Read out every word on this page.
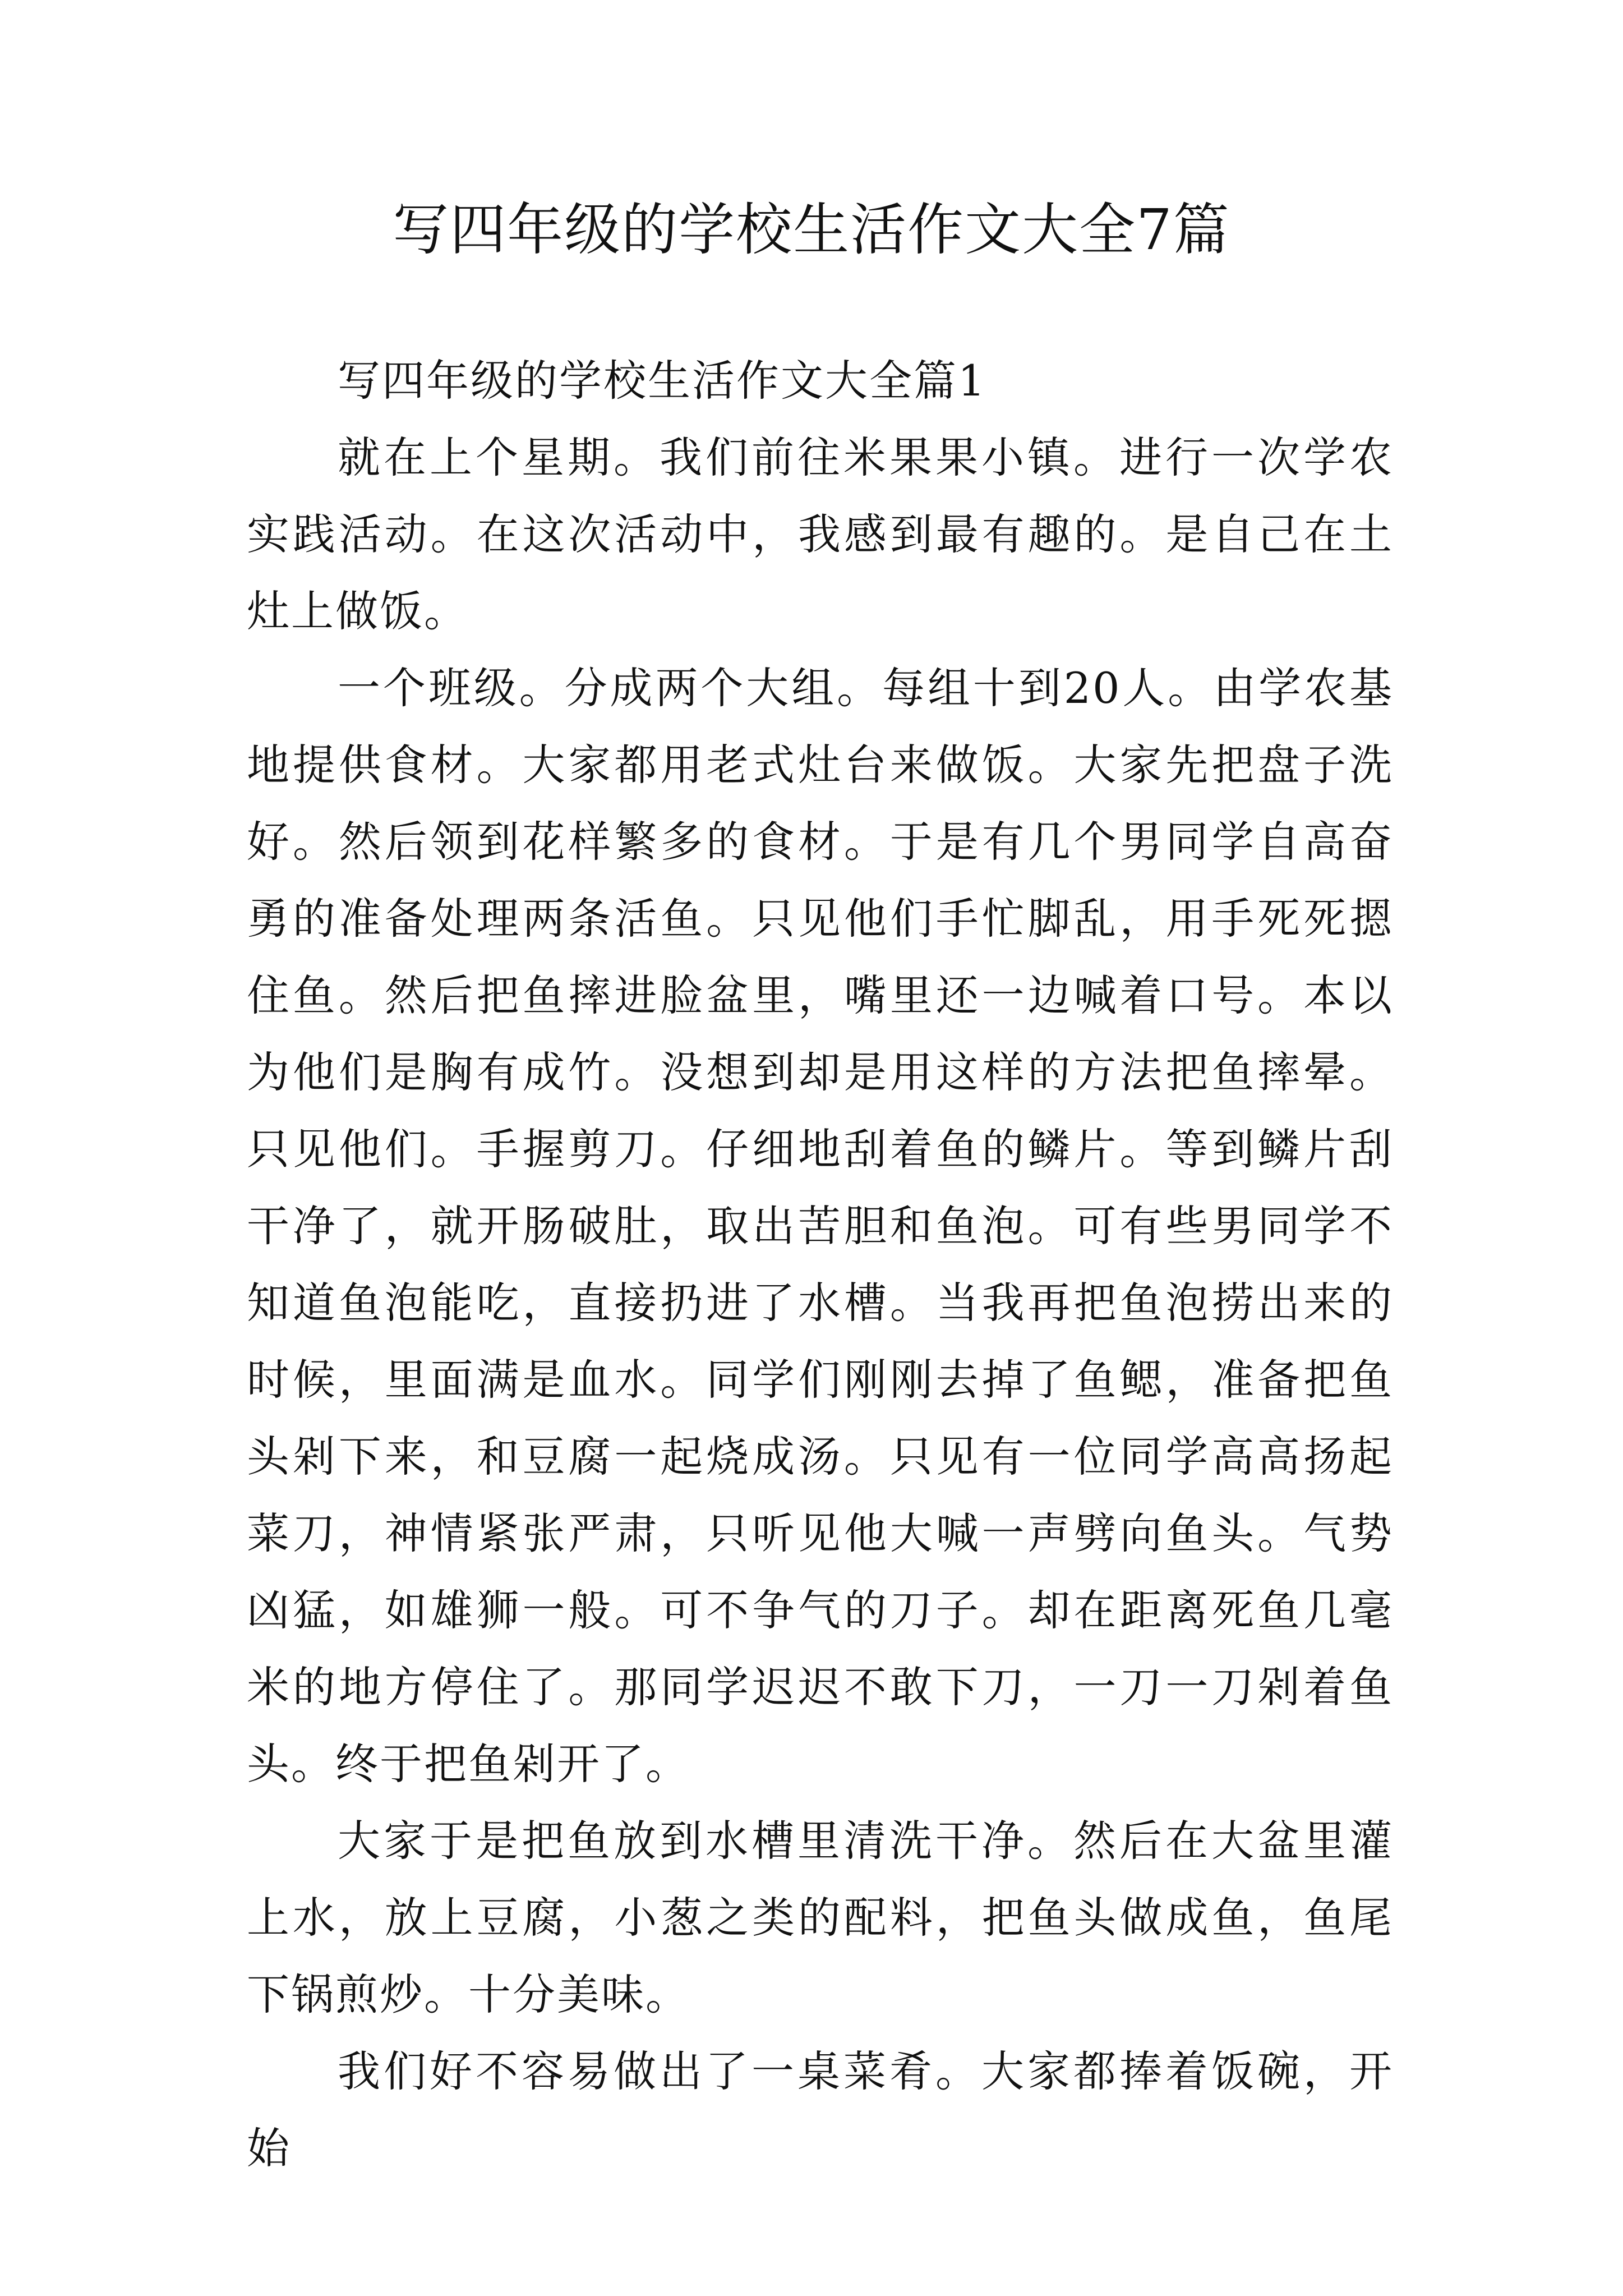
写四年级的学校生活作文大全7篇

写四年级的学校生活作文大全篇1

就在上个星期。我们前往米果果小镇。进行一次学农实践活动。在这次活动中，我感到最有趣的。是自己在土灶上做饭。

一个班级。分成两个大组。每组十到20人。由学农基地提供食材。大家都用老式灶台来做饭。大家先把盘子洗好。然后领到花样繁多的食材。于是有几个男同学自高奋勇的准备处理两条活鱼。只见他们手忙脚乱，用手死死摁住鱼。然后把鱼摔进脸盆里，嘴里还一边喊着口号。本以为他们是胸有成竹。没想到却是用这样的方法把鱼摔晕。只见他们。手握剪刀。仔细地刮着鱼的鳞片。等到鳞片刮干净了，就开肠破肚，取出苦胆和鱼泡。可有些男同学不知道鱼泡能吃，直接扔进了水槽。当我再把鱼泡捞出来的时候，里面满是血水。同学们刚刚去掉了鱼鳃，准备把鱼头剁下来，和豆腐一起烧成汤。只见有一位同学高高扬起菜刀，神情紧张严肃，只听见他大喊一声劈向鱼头。气势凶猛，如雄狮一般。可不争气的刀子。却在距离死鱼几毫米的地方停住了。那同学迟迟不敢下刀，一刀一刀剁着鱼头。终于把鱼剁开了。

大家于是把鱼放到水槽里清洗干净。然后在大盆里灌上水，放上豆腐，小葱之类的配料，把鱼头做成鱼，鱼尾下锅煎炒。十分美味。

我们好不容易做出了一桌菜肴。大家都捧着饭碗，开始
